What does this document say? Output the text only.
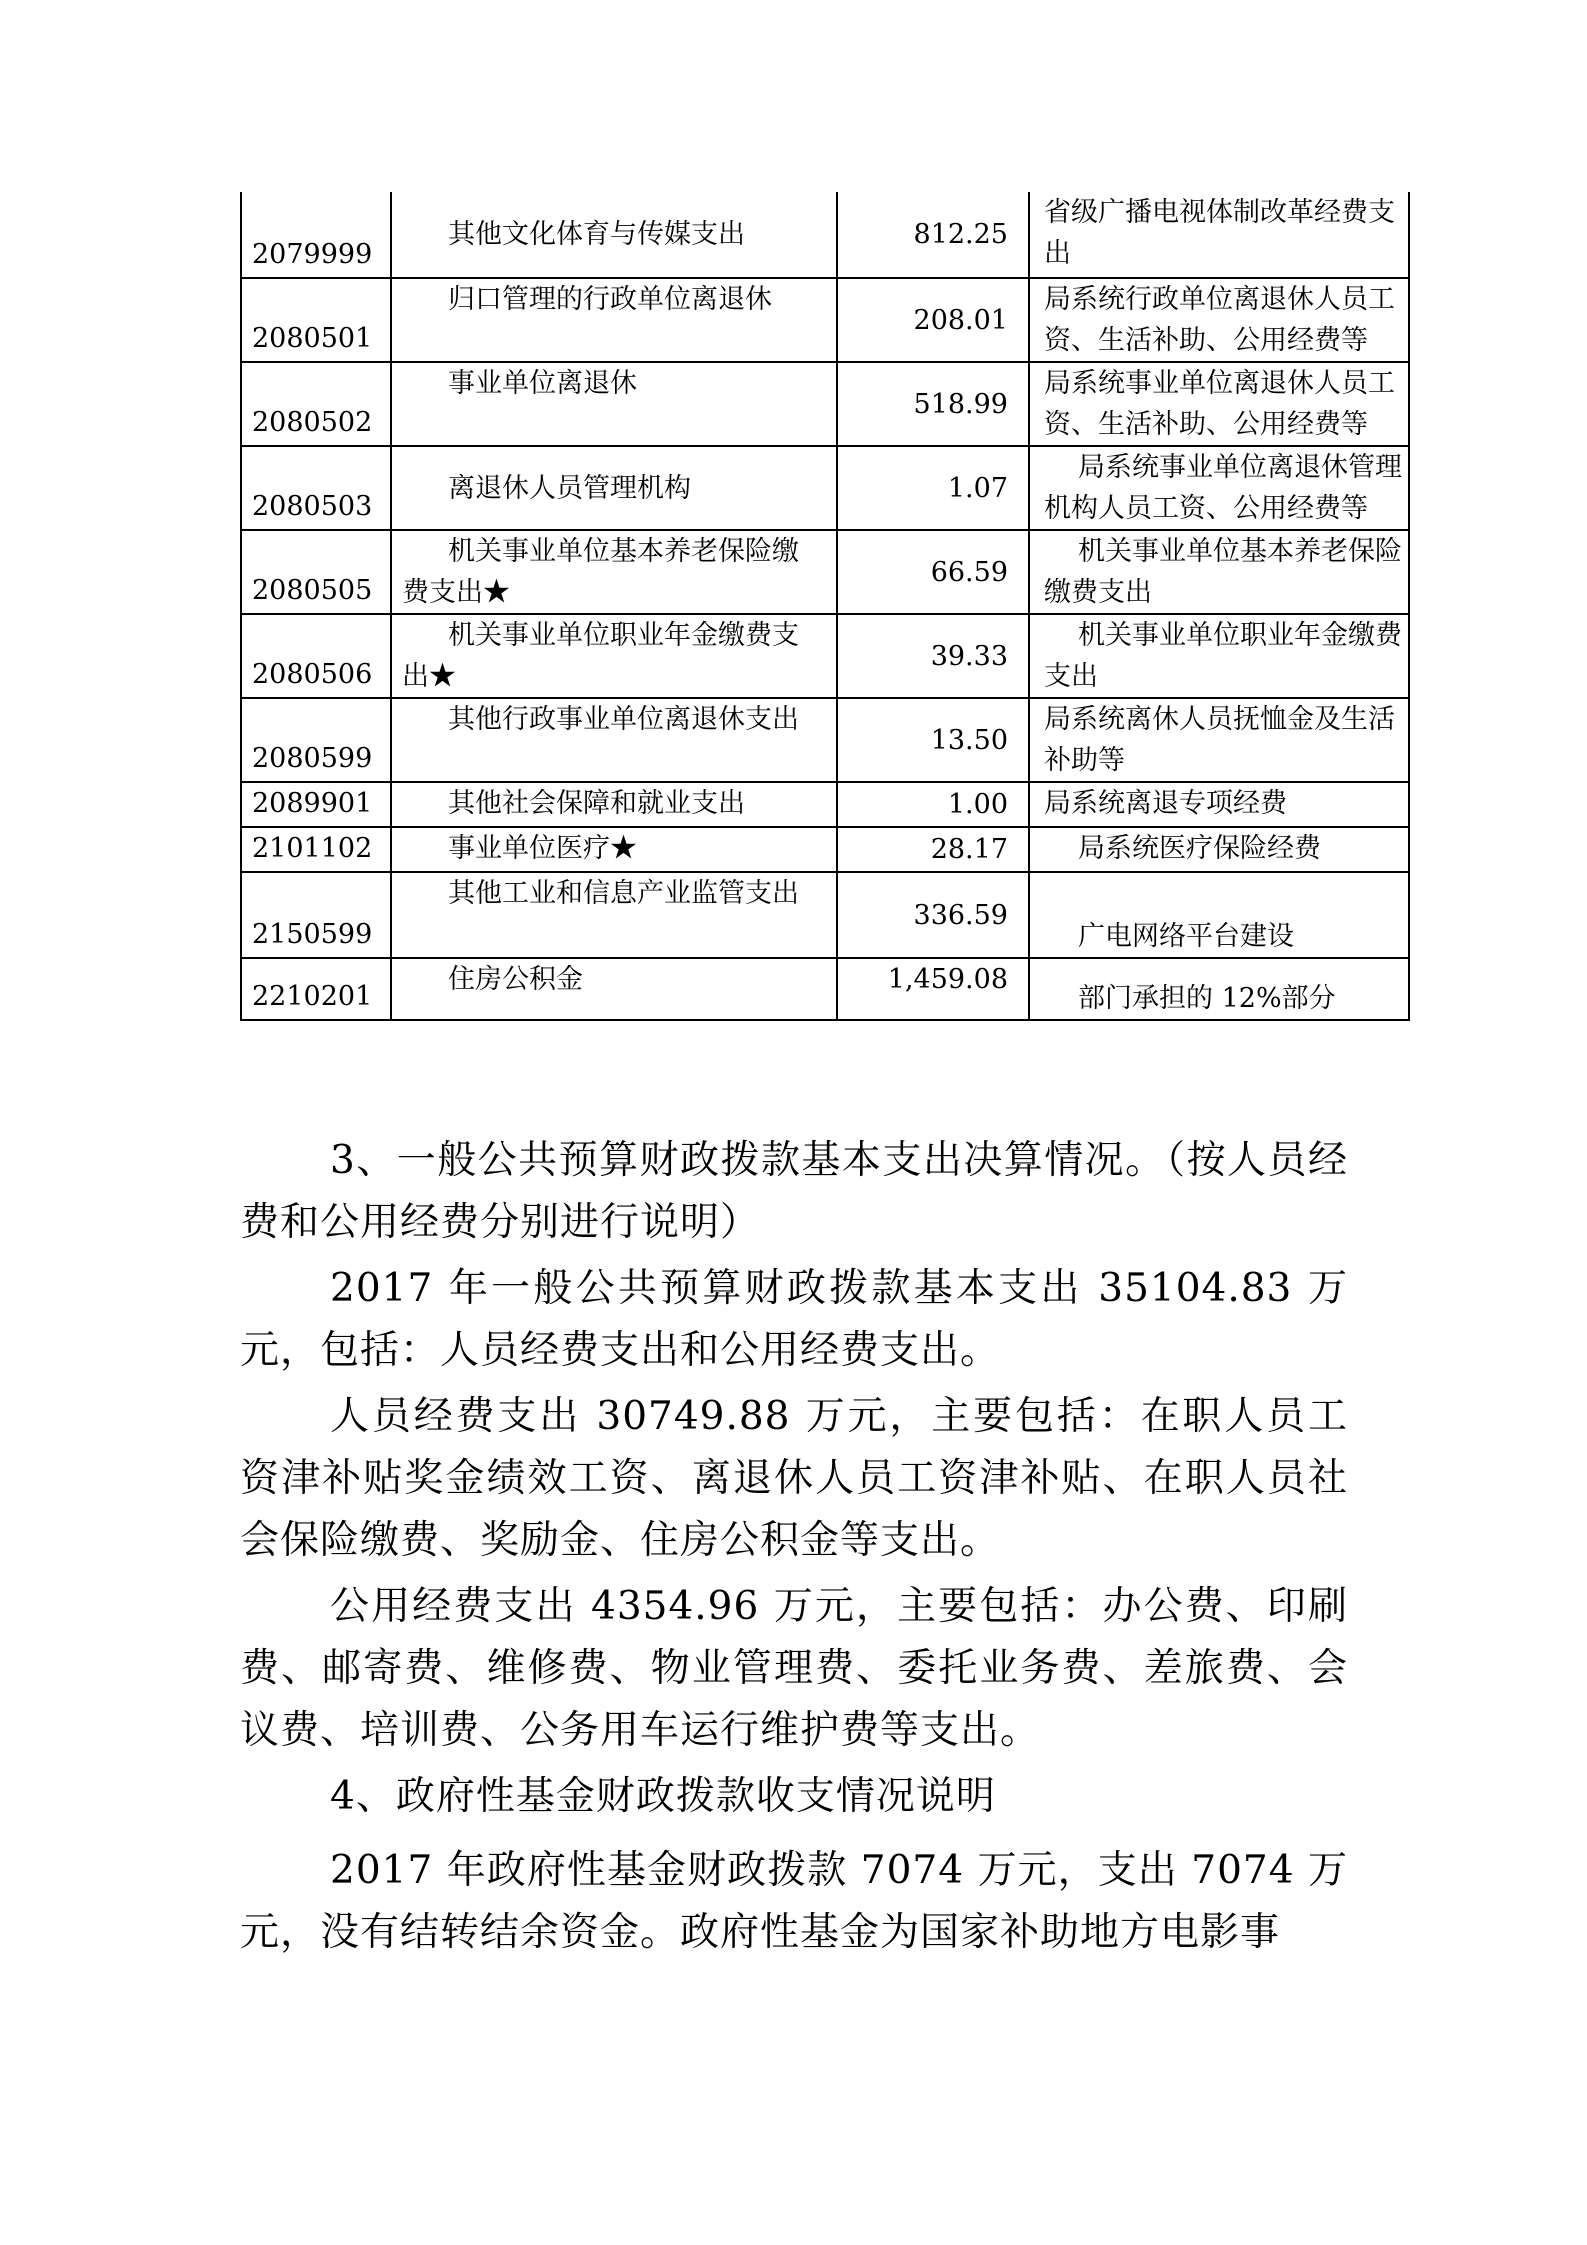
2079999	其他文化体育与传媒支出	812.25	省级广播电视体制改革经费支出
2080501	归口管理的行政单位离退休	208.01	局系统行政单位离退休人员工资、生活补助、公用经费等
2080502	事业单位离退休	518.99	局系统事业单位离退休人员工资、生活补助、公用经费等
2080503	离退休人员管理机构	1.07	局系统事业单位离退休管理机构人员工资、公用经费等

2080505	机关事业单位基本养老保险缴费支出★	66.59	机关事业单位基本养老保险缴费支出

2080506	机关事业单位职业年金缴费支出★	39.33	机关事业单位职业年金缴费支出

2080599	其他行政事业单位离退休支出	13.50	局系统离休人员抚恤金及生活补助等
2089901	其他社会保障和就业支出	1.00	局系统离退专项经费
2101102	事业单位医疗★	28.17	局系统医疗保险经费

2150599	其他工业和信息产业监管支出	336.59	广电网络平台建设

2210201	住房公积金	1,459.08	部门承担的 12%部分

3、一般公共预算财政拨款基本支出决算情况。（按人员经费和公用经费分别进行说明）

2017 年一般公共预算财政拨款基本支出 35104.83 万元，包括：人员经费支出和公用经费支出。

人员经费支出 30749.88 万元，主要包括：在职人员工资津补贴奖金绩效工资、离退休人员工资津补贴、在职人员社会保险缴费、奖励金、住房公积金等支出。

公用经费支出 4354.96 万元，主要包括：办公费、印刷费、邮寄费、维修费、物业管理费、委托业务费、差旅费、会议费、培训费、公务用车运行维护费等支出。

4、政府性基金财政拨款收支情况说明

2017 年政府性基金财政拨款 7074 万元，支出 7074 万元，没有结转结余资金。政府性基金为国家补助地方电影事
